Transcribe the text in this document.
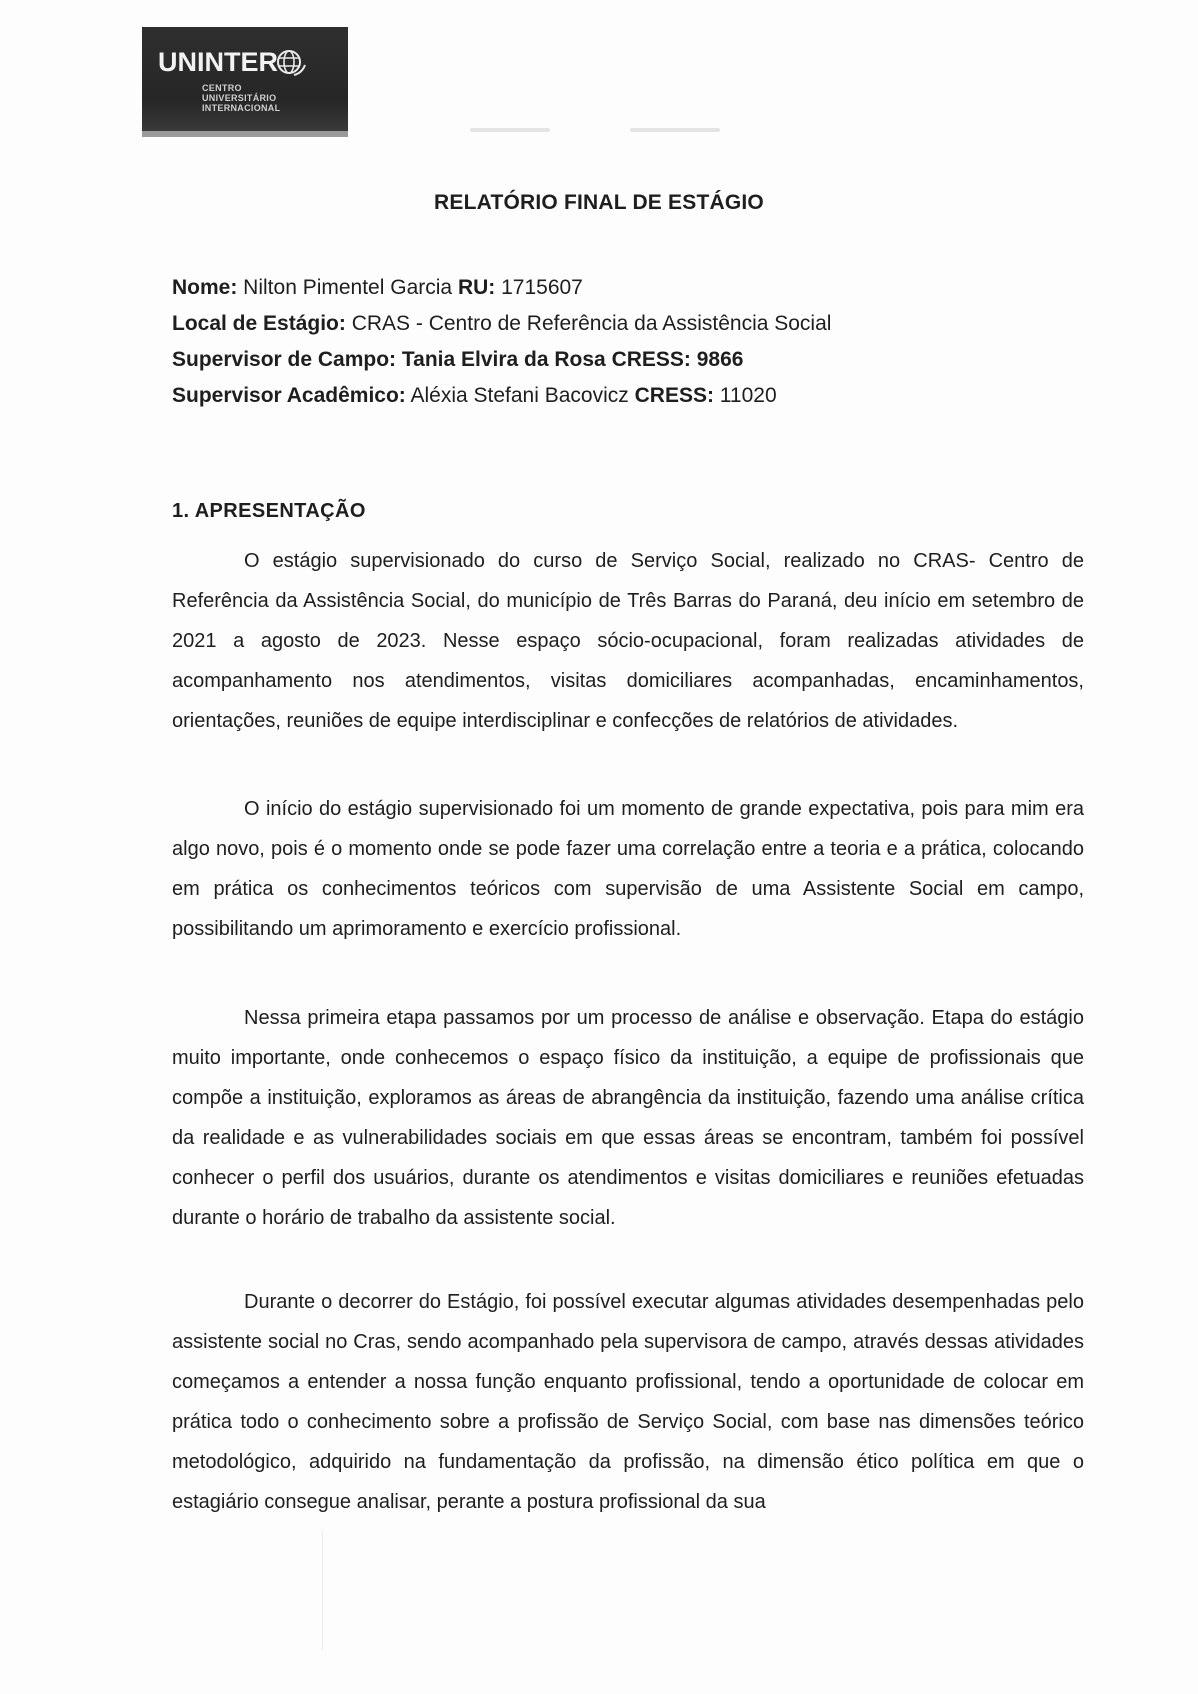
UNINTER
CENTRO
UNIVERSITÁRIO
INTERNACIONAL
RELATÓRIO FINAL DE ESTÁGIO
Nome: Nilton Pimentel Garcia RU: 1715607
Local de Estágio: CRAS - Centro de Referência da Assistência Social
Supervisor de Campo: Tania Elvira da Rosa CRESS: 9866
Supervisor Acadêmico: Aléxia Stefani Bacovicz CRESS: 11020
1. APRESENTAÇÃO

O estágio supervisionado do curso de Serviço Social, realizado no CRAS- Centro de Referência da Assistência Social, do município de Três Barras do Paraná, deu início em setembro de 2021 a agosto de 2023. Nesse espaço sócio-ocupacional, foram realizadas atividades de acompanhamento nos atendimentos, visitas domiciliares acompanhadas, encaminhamentos, orientações, reuniões de equipe interdisciplinar e confecções de relatórios de atividades.

O início do estágio supervisionado foi um momento de grande expectativa, pois para mim era algo novo, pois é o momento onde se pode fazer uma correlação entre a teoria e a prática, colocando em prática os conhecimentos teóricos com supervisão de uma Assistente Social em campo, possibilitando um aprimoramento e exercício profissional.

Nessa primeira etapa passamos por um processo de análise e observação. Etapa do estágio muito importante, onde conhecemos o espaço físico da instituição, a equipe de profissionais que compõe a instituição, exploramos as áreas de abrangência da instituição, fazendo uma análise crítica da realidade e as vulnerabilidades sociais em que essas áreas se encontram, também foi possível conhecer o perfil dos usuários, durante os atendimentos e visitas domiciliares e reuniões efetuadas durante o horário de trabalho da assistente social.

Durante o decorrer do Estágio, foi possível executar algumas atividades desempenhadas pelo assistente social no Cras, sendo acompanhado pela supervisora de campo, através dessas atividades começamos a entender a nossa função enquanto profissional, tendo a oportunidade de colocar em prática todo o conhecimento sobre a profissão de Serviço Social, com base nas dimensões teórico metodológico, adquirido na fundamentação da profissão, na dimensão ético política em que o estagiário consegue analisar, perante a postura profissional da sua
